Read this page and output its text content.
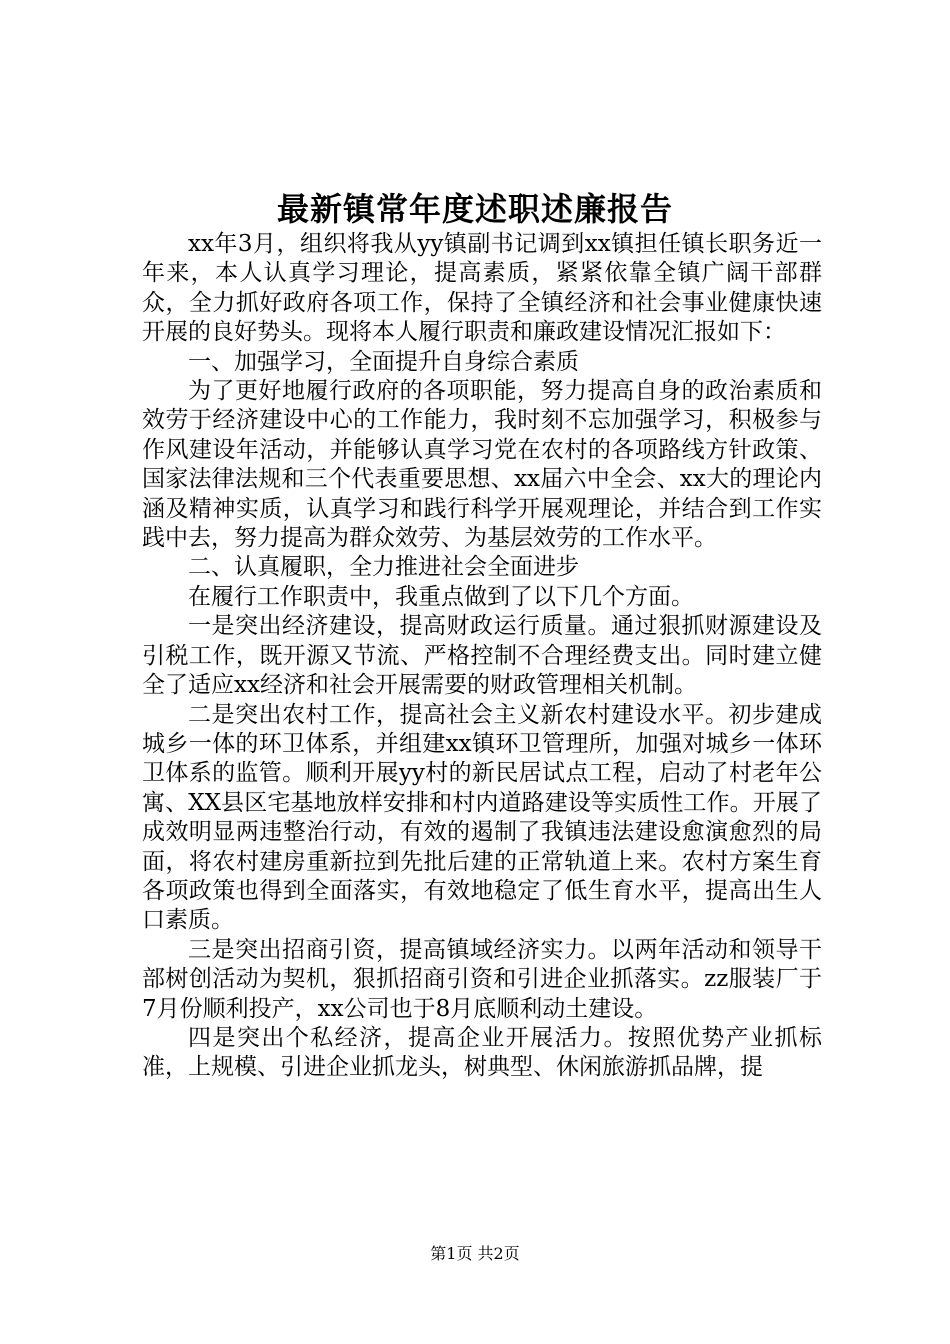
最新镇常年度述职述廉报告

xx年3月，组织将我从yy镇副书记调到xx镇担任镇长职务近一年来，本人认真学习理论，提高素质，紧紧依靠全镇广阔干部群众，全力抓好政府各项工作，保持了全镇经济和社会事业健康快速开展的良好势头。现将本人履行职责和廉政建设情况汇报如下：

一、加强学习，全面提升自身综合素质

为了更好地履行政府的各项职能，努力提高自身的政治素质和效劳于经济建设中心的工作能力，我时刻不忘加强学习，积极参与作风建设年活动，并能够认真学习党在农村的各项路线方针政策、国家法律法规和三个代表重要思想、xx届六中全会、xx大的理论内涵及精神实质，认真学习和践行科学开展观理论，并结合到工作实践中去，努力提高为群众效劳、为基层效劳的工作水平。

二、认真履职，全力推进社会全面进步

在履行工作职责中，我重点做到了以下几个方面。

一是突出经济建设，提高财政运行质量。通过狠抓财源建设及引税工作，既开源又节流、严格控制不合理经费支出。同时建立健全了适应xx经济和社会开展需要的财政管理相关机制。

二是突出农村工作，提高社会主义新农村建设水平。初步建成城乡一体的环卫体系，并组建xx镇环卫管理所，加强对城乡一体环卫体系的监管。顺利开展yy村的新民居试点工程，启动了村老年公寓、XX县区宅基地放样安排和村内道路建设等实质性工作。开展了成效明显两违整治行动，有效的遏制了我镇违法建设愈演愈烈的局面，将农村建房重新拉到先批后建的正常轨道上来。农村方案生育各项政策也得到全面落实，有效地稳定了低生育水平，提高出生人口素质。

三是突出招商引资，提高镇域经济实力。以两年活动和领导干部树创活动为契机，狠抓招商引资和引进企业抓落实。zz服装厂于7月份顺利投产，xx公司也于8月底顺利动土建设。

四是突出个私经济，提高企业开展活力。按照优势产业抓标准，上规模、引进企业抓龙头，树典型、休闲旅游抓品牌，提

第1页 共2页
